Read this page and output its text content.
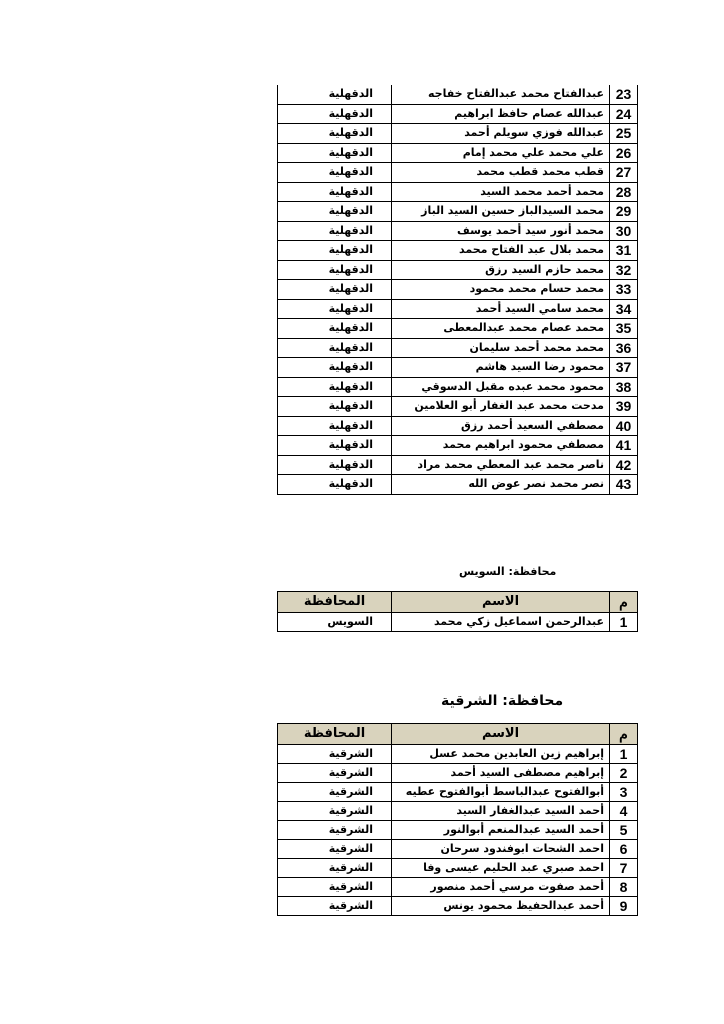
23	عبدالفتاح محمد عبدالفتاح خفاجه	الدقهلية
24	عبدالله عصام حافظ ابراهيم	الدقهلية
25	عبدالله فوزي سويلم أحمد	الدقهلية
26	علي محمد علي محمد إمام	الدقهلية
27	قطب محمد قطب محمد	الدقهلية
28	محمد أحمد محمد السيد	الدقهلية
29	محمد السيدالباز حسين السيد الباز	الدقهلية
30	محمد أنور سيد أحمد يوسف	الدقهلية
31	محمد بلال عبد الفتاح محمد	الدقهلية
32	محمد حازم السيد رزق	الدقهلية
33	محمد حسام محمد محمود	الدقهلية
34	محمد سامي السيد أحمد	الدقهلية
35	محمد عصام محمد عبدالمعطى	الدقهلية
36	محمد محمد أحمد سليمان	الدقهلية
37	محمود رضا السيد هاشم	الدقهلية
38	محمود محمد عبده مقبل الدسوقي	الدقهلية
39	مدحت محمد عبد الغفار أبو العلامين	الدقهلية
40	مصطفي السعيد أحمد رزق	الدقهلية
41	مصطفي محمود ابراهيم محمد	الدقهلية
42	ناصر محمد عبد المعطي محمد مراد	الدقهلية
43	نصر محمد نصر عوض الله	الدقهلية
محافظة: السويس
م	الاسم	المحافظة
1	عبدالرحمن اسماعيل زكي محمد	السويس
محافظة: الشرقية
م	الاسم	المحافظة
1	إبراهيم زين العابدين محمد عسل	الشرقية
2	إبراهيم مصطفى السيد أحمد	الشرقية
3	أبوالفتوح عبدالباسط أبوالفتوح عطيه	الشرقية
4	أحمد السيد عبدالغفار السيد	الشرقية
5	أحمد السيد عبدالمنعم أبوالنور	الشرقية
6	احمد الشحات ابوفندود سرحان	الشرقية
7	احمد صبري عبد الحليم عيسى وفا	الشرقية
8	أحمد صفوت مرسي أحمد منصور	الشرقية
9	أحمد عبدالحفيظ محمود يونس	الشرقية
